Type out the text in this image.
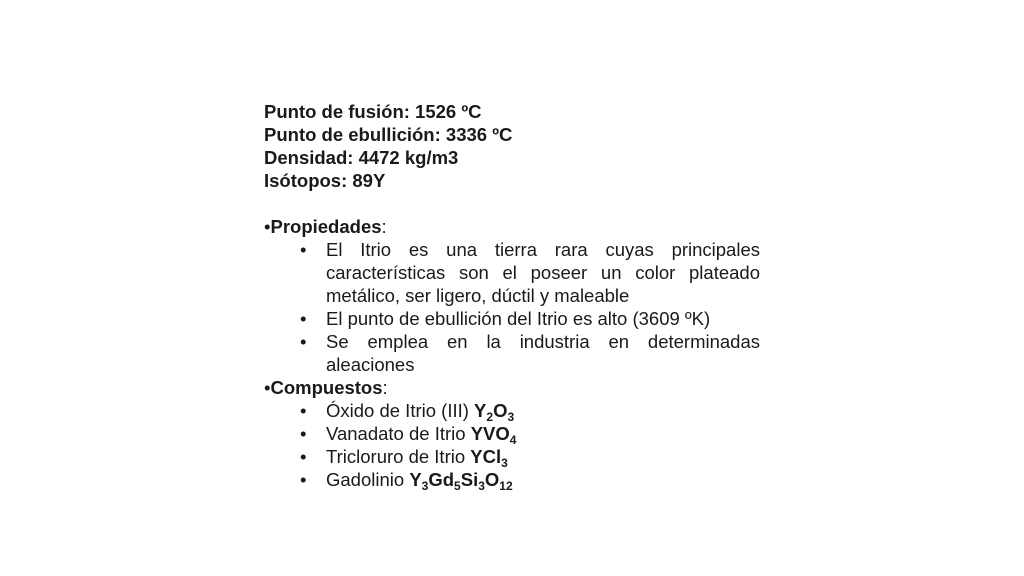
Punto de fusión: 1526 ºC
Punto de ebullición: 3336 ºC
Densidad: 4472 kg/m3
Isótopos: 89Y
•Propiedades:
• El Itrio es una tierra rara cuyas principales características son el poseer un color plateado metálico, ser ligero, dúctil y maleable
• El punto de ebullición del Itrio es alto (3609 ºK)
• Se emplea en la industria en determinadas aleaciones
•Compuestos:
• Óxido de Itrio (III) $Y_2O_3$
• Vanadato de Itrio $YVO_4$
• Tricloruro de Itrio YCl$_3$
• Gadolinio $Y_3Gd_5Si_3O_{12}$
